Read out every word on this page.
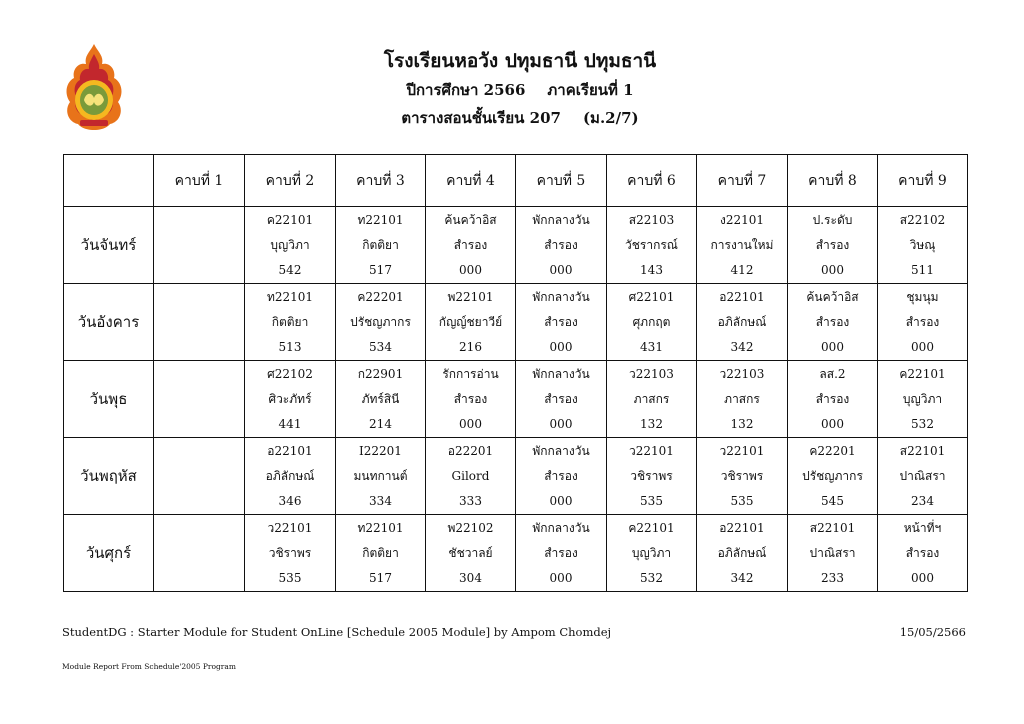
โรงเรียนหอวัง ปทุมธานี ปทุมธานี
ปีการศึกษา 2566 ภาคเรียนที่ 1
ตารางสอนชั้นเรียน 207 (ม.2/7)
	คาบที่ 1	คาบที่ 2	คาบที่ 3	คาบที่ 4	คาบที่ 5	คาบที่ 6	คาบที่ 7	คาบที่ 8	คาบที่ 9
วันจันทร์		ค22101
บุญวิภา
542	ท22101
กิตติยา
517	ค้นคว้าอิส
สำรอง
000	พักกลางวัน
สำรอง
000	ส22103
วัชรากรณ์
143	ง22101
การงานใหม่
412	ป.ระดับ
สำรอง
000	ส22102
วิษณุ
511

วันอังคาร		ท22101
กิตติยา
513	ค22201
ปรัชญภากร
534	พ22101
กัญญ์ชยาวีย์
216	พักกลางวัน
สำรอง
000	ศ22101
ศุภกฤต
431	อ22101
อภิลักษณ์
342	ค้นคว้าอิส
สำรอง
000	ชุมนุม
สำรอง
000

วันพุธ		ศ22102
ศิวะภัทร์
441	ก22901
ภัทร์สินี
214	รักการอ่าน
สำรอง
000	พักกลางวัน
สำรอง
000	ว22103
ภาสกร
132	ว22103
ภาสกร
132	ลส.2
สำรอง
000	ค22101
บุญวิภา
532

วันพฤหัส		อ22101
อภิลักษณ์
346	I22201
มนทกานต์
334	อ22201
Gilord
333	พักกลางวัน
สำรอง
000	ว22101
วชิราพร
535	ว22101
วชิราพร
535	ค22201
ปรัชญภากร
545	ส22101
ปาณิสรา
234

วันศุกร์		ว22101
วชิราพร
535	ท22101
กิตติยา
517	พ22102
ชัชวาลย์
304	พักกลางวัน
สำรอง
000	ค22101
บุญวิภา
532	อ22101
อภิลักษณ์
342	ส22101
ปาณิสรา
233	หน้าที่ฯ
สำรอง
000
StudentDG : Starter Module for Student OnLine [Schedule 2005 Module] by Ampom Chomdej	15/05/2566
Module Report From Schedule'2005 Program
